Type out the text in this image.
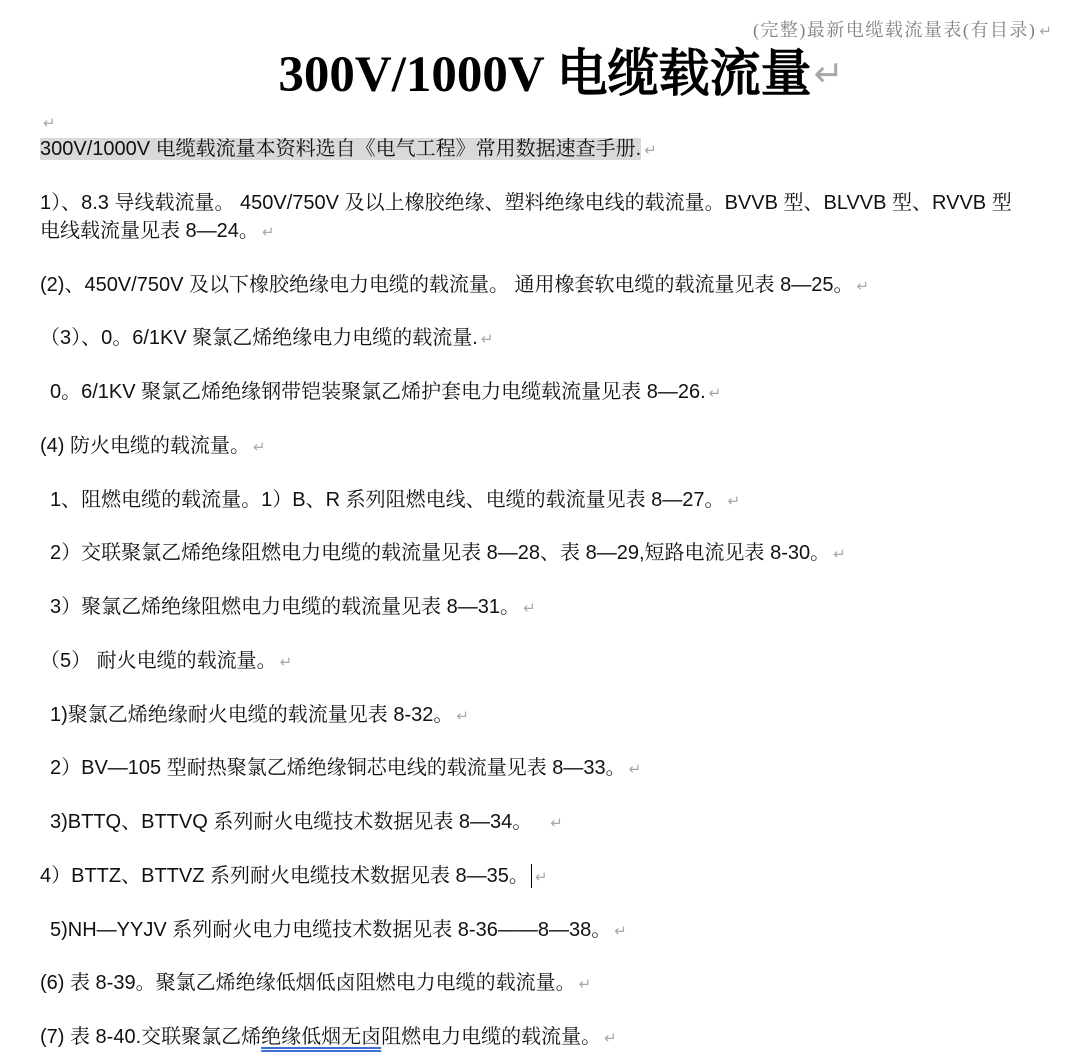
(完整)最新电缆载流量表(有目录) ↵
300V/1000V 电缆载流量 ↵
↵
300V/1000V 电缆载流量本资料选自《电气工程》常用数据速查手册. ↵
1）、8.3 导线载流量。 450V/750V 及以上橡胶绝缘、塑料绝缘电线的载流量。BVVB 型、BLVVB 型、RVVB 型
电线载流量见表 8—24。 ↵
(2)、450V/750V 及以下橡胶绝缘电力电缆的载流量。 通用橡套软电缆的载流量见表 8—25。 ↵
（3）、0。6/1KV 聚氯乙烯绝缘电力电缆的载流量. ↵
0。6/1KV 聚氯乙烯绝缘钢带铠装聚氯乙烯护套电力电缆载流量见表 8—26. ↵
(4) 防火电缆的载流量。 ↵
1、阻燃电缆的载流量。1）B、R 系列阻燃电线、电缆的载流量见表 8—27。 ↵
2）交联聚氯乙烯绝缘阻燃电力电缆的载流量见表 8—28、表 8—29,短路电流见表 8-30。 ↵
3）聚氯乙烯绝缘阻燃电力电缆的载流量见表 8—31。 ↵
（5） 耐火电缆的载流量。 ↵
1)聚氯乙烯绝缘耐火电缆的载流量见表 8-32。 ↵
2）BV—105 型耐热聚氯乙烯绝缘铜芯电线的载流量见表 8—33。 ↵
3)BTTQ、BTTVQ 系列耐火电缆技术数据见表 8—34。 ↵
4）BTTZ、BTTVZ 系列耐火电缆技术数据见表 8—35。 ↵
5)NH—YYJV 系列耐火电力电缆技术数据见表 8-36——8—38。 ↵
(6) 表 8-39。聚氯乙烯绝缘低烟低卤阻燃电力电缆的载流量。 ↵
(7) 表 8-40.交联聚氯乙烯绝缘低烟无卤阻燃电力电缆的载流量。 ↵
